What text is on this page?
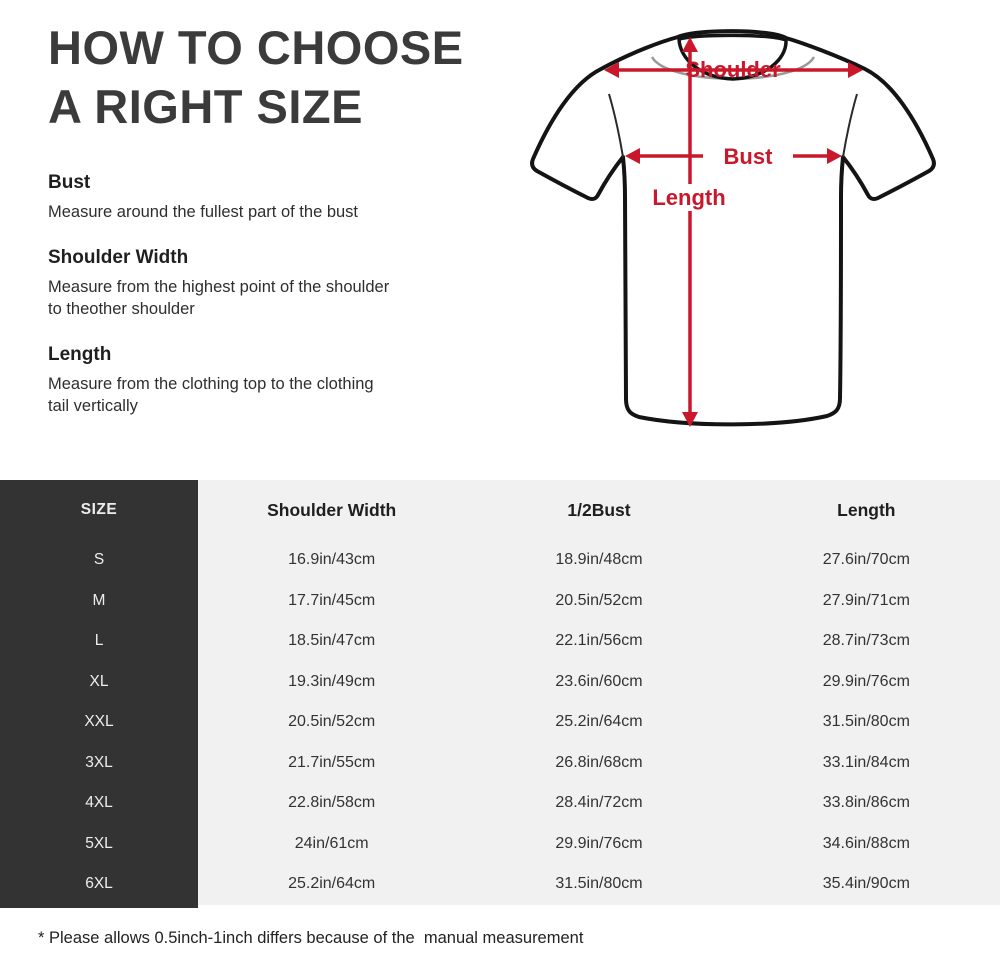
HOW TO CHOOSE
A RIGHT SIZE
Bust
Measure around the fullest part of the bust
Shoulder Width
Measure from the highest point of the shoulder to theother shoulder
Length
Measure from the clothing top to the clothing tail vertically
Shoulder
Bust
Length
SIZE	Shoulder Width	1/2Bust	Length
S	16.9in/43cm	18.9in/48cm	27.6in/70cm
M	17.7in/45cm	20.5in/52cm	27.9in/71cm
L	18.5in/47cm	22.1in/56cm	28.7in/73cm
XL	19.3in/49cm	23.6in/60cm	29.9in/76cm
XXL	20.5in/52cm	25.2in/64cm	31.5in/80cm
3XL	21.7in/55cm	26.8in/68cm	33.1in/84cm
4XL	22.8in/58cm	28.4in/72cm	33.8in/86cm
5XL	24in/61cm	29.9in/76cm	34.6in/88cm
6XL	25.2in/64cm	31.5in/80cm	35.4in/90cm
* Please allows 0.5inch-1inch differs because of the  manual measurement
